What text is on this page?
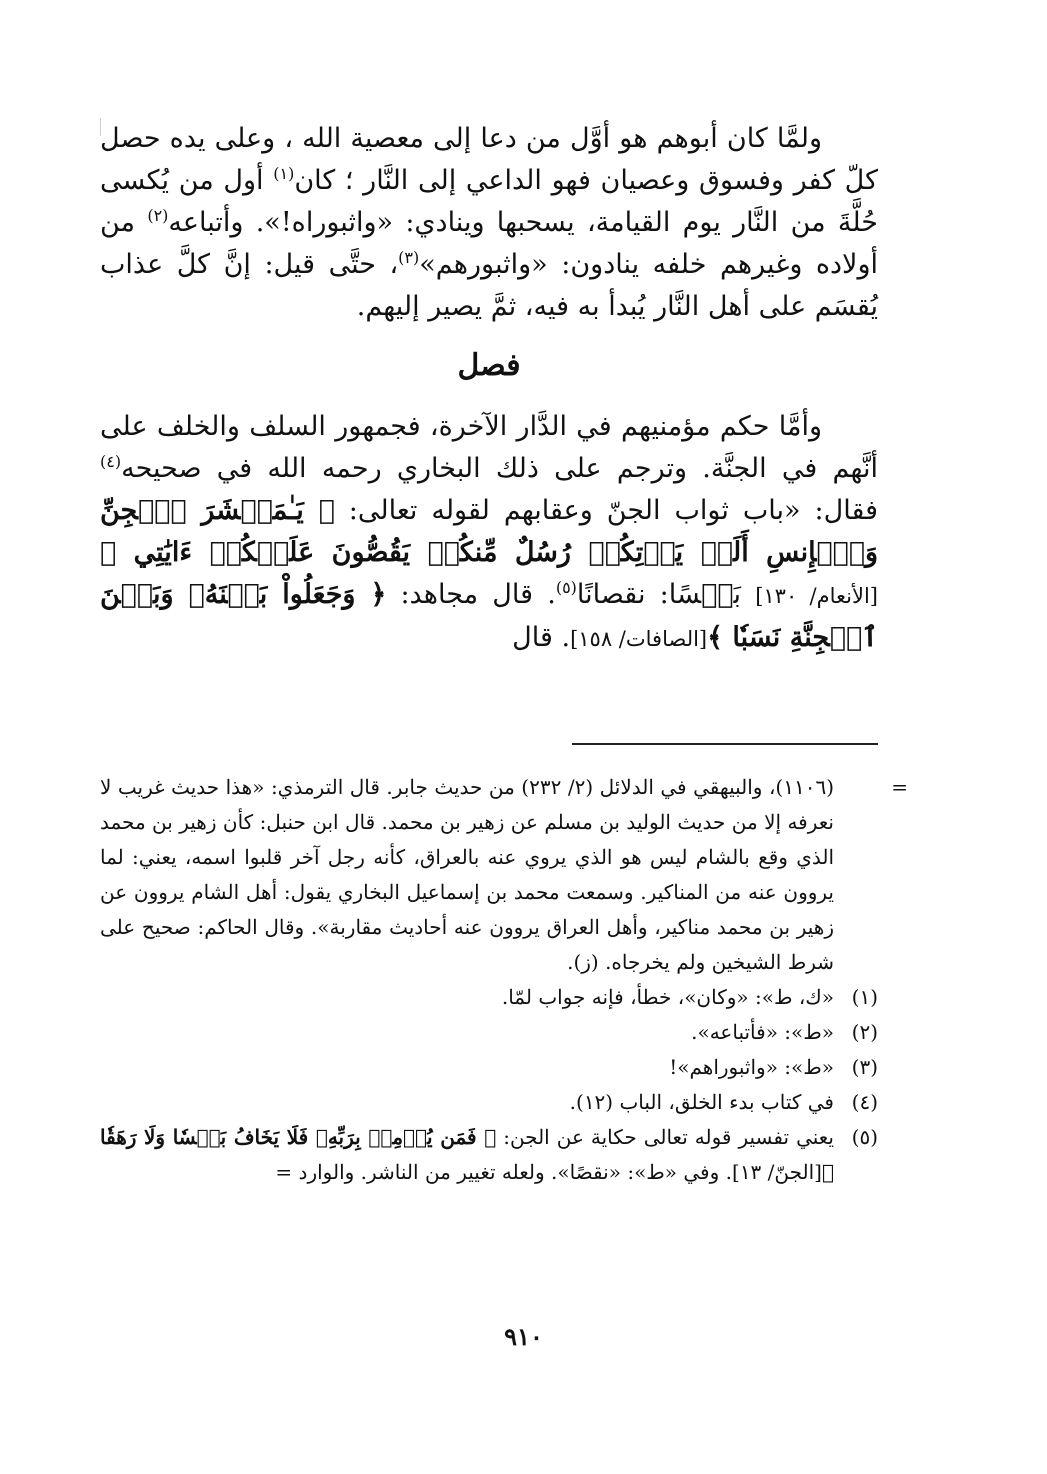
ولمَّا كان أبوهم هو أوَّل من دعا إلى معصية الله ، وعلى يده حصل كلّ كفر وفسوق وعصيان فهو الداعي إلى النَّار ؛ كان$^{(١)}$ أول من يُكسى حُلَّةَ من النَّار يوم القيامة، يسحبها وينادي: «واثبوراه!». وأتباعه$^{(٢)}$ من أولاده وغيرهم خلفه ينادون: «واثبورهم»$^{(٣)}$، حتَّى قيل: إنَّ كلَّ عذاب يُقسَم على أهل النَّار يُبدأ به فيه، ثمَّ يصير إليهم.

فصل

وأمَّا حكم مؤمنيهم في الدَّار الآخرة، فجمهور السلف والخلف على أنَّهم في الجنَّة. وترجم على ذلك البخاري رحمه الله في صحيحه$^{(٤)}$ فقال: «باب ثواب الجنّ وعقابهم لقوله تعالى: ﴿ يَـٰمَعۡشَرَ ٱلۡجِنِّ وَٱلۡإِنسِ أَلَمۡ يَأۡتِكُمۡ رُسُلٌ مِّنكُمۡ يَقُصُّونَ عَلَيۡكُمۡ ءَايَٰتِي ﴾[الأنعام/ ١٣٠] بَخۡسًا: نقصانًا$^{(٥)}$. قال مجاهد: ﴿ وَجَعَلُواْ بَيۡنَهُۥ وَبَيۡنَ ٱلۡجِنَّةِ نَسَبٗا ﴾[الصافات/ ١٥٨]. قال

=
(١١٠٦)، والبيهقي في الدلائل (٢/ ٢٣٢) من حديث جابر. قال الترمذي: «هذا حديث غريب لا نعرفه إلا من حديث الوليد بن مسلم عن زهير بن محمد. قال ابن حنبل: كأن زهير بن محمد الذي وقع بالشام ليس هو الذي يروي عنه بالعراق، كأنه رجل آخر قلبوا اسمه، يعني: لما يروون عنه من المناكير. وسمعت محمد بن إسماعيل البخاري يقول: أهل الشام يروون عن زهير بن محمد مناكير، وأهل العراق يروون عنه أحاديث مقاربة». وقال الحاكم: صحيح على شرط الشيخين ولم يخرجاه. (ز).
(١)
«ك، ط»: «وكان»، خطأ، فإنه جواب لمّا.
(٢)
«ط»: «فأتباعه».
(٣)
«ط»: «واثبوراهم»!
(٤)
في كتاب بدء الخلق، الباب (١٢).
(٥)
يعني تفسير قوله تعالى حكاية عن الجن: ﴿ فَمَن يُؤۡمِنۢ بِرَبِّهِۦ فَلَا يَخَافُ بَخۡسٗا وَلَا رَهَقٗا ﴾[الجنّ/ ١٣]. وفي «ط»: «نقصًا». ولعله تغيير من الناشر. والوارد =
٩١٠
